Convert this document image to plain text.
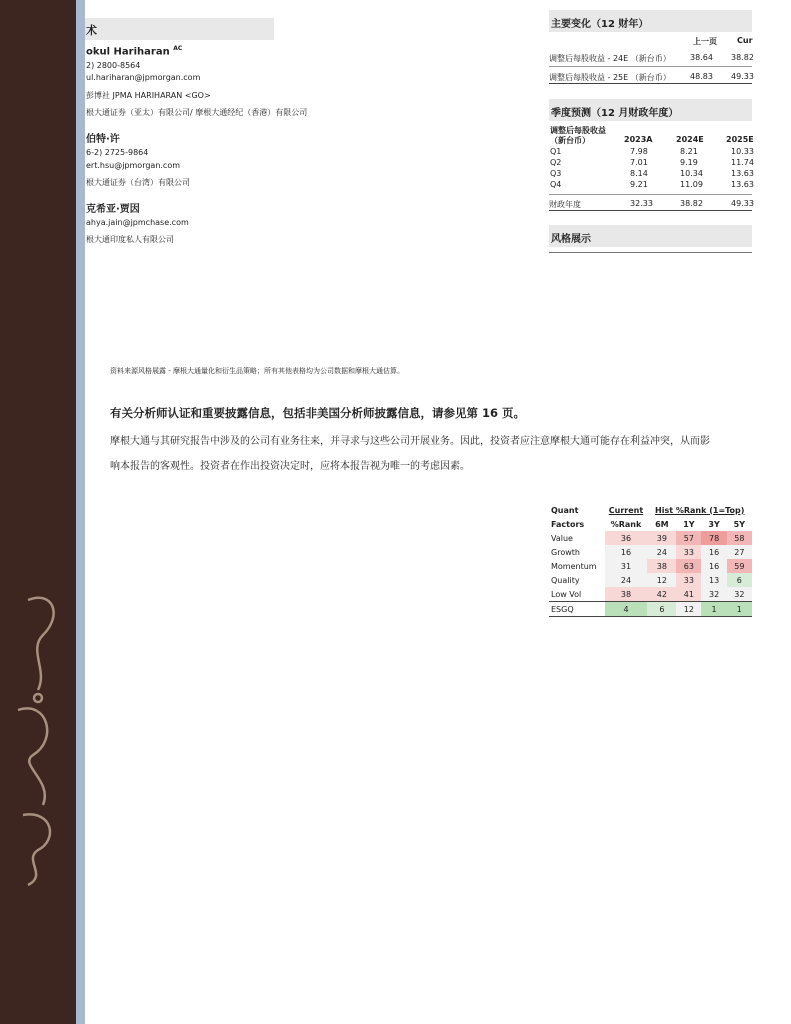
术
okul Hariharan $^{AC}$
2) 2800-8564
ul.hariharan@jpmorgan.com
彭博社 JPMA HARIHARAN <GO>
根大通证券（亚太）有限公司/ 摩根大通经纪（香港）有限公司
伯特·许
6-2) 2725-9864
ert.hsu@jpmorgan.com
根大通证券（台湾）有限公司
克希亚·贾因
ahya.jain@jpmchase.com
根大通印度私人有限公司
主要变化（12 财年）
上一页	Cur
调整后每股收益 - 24E （新台币） 38.64 38.82
调整后每股收益 - 25E （新台币） 48.83 49.33
季度预测（12 月财政年度）
调整后每股收益
（新台币）	2023A	2024E	2025E
Q1	7.98	8.21	10.33
Q2	7.01	9.19	11.74
Q3	8.14	10.34	13.63
Q4	9.21	11.09	13.63
财政年度	32.33	38.82	49.33
风格展示
资料来源风格展露 - 摩根大通量化和衍生品策略；所有其他表格均为公司数据和摩根大通估算。
有关分析师认证和重要披露信息，包括非美国分析师披露信息，请参见第 16 页。
摩根大通与其研究报告中涉及的公司有业务往来，并寻求与这些公司开展业务。因此，投资者应注意摩根大通可能存在利益冲突，从而影
响本报告的客观性。投资者在作出投资决定时，应将本报告视为唯一的考虑因素。
Quant	Current	Hist %Rank (1=Top)			
Factors	%Rank	6M	1Y	3Y	5Y
Value	36	39	57	78	58
Growth	16	24	33	16	27
Momentum	31	38	63	16	59
Quality	24	12	33	13	6
Low Vol	38	42	41	32	32
ESGQ	4	6	12	1	1
